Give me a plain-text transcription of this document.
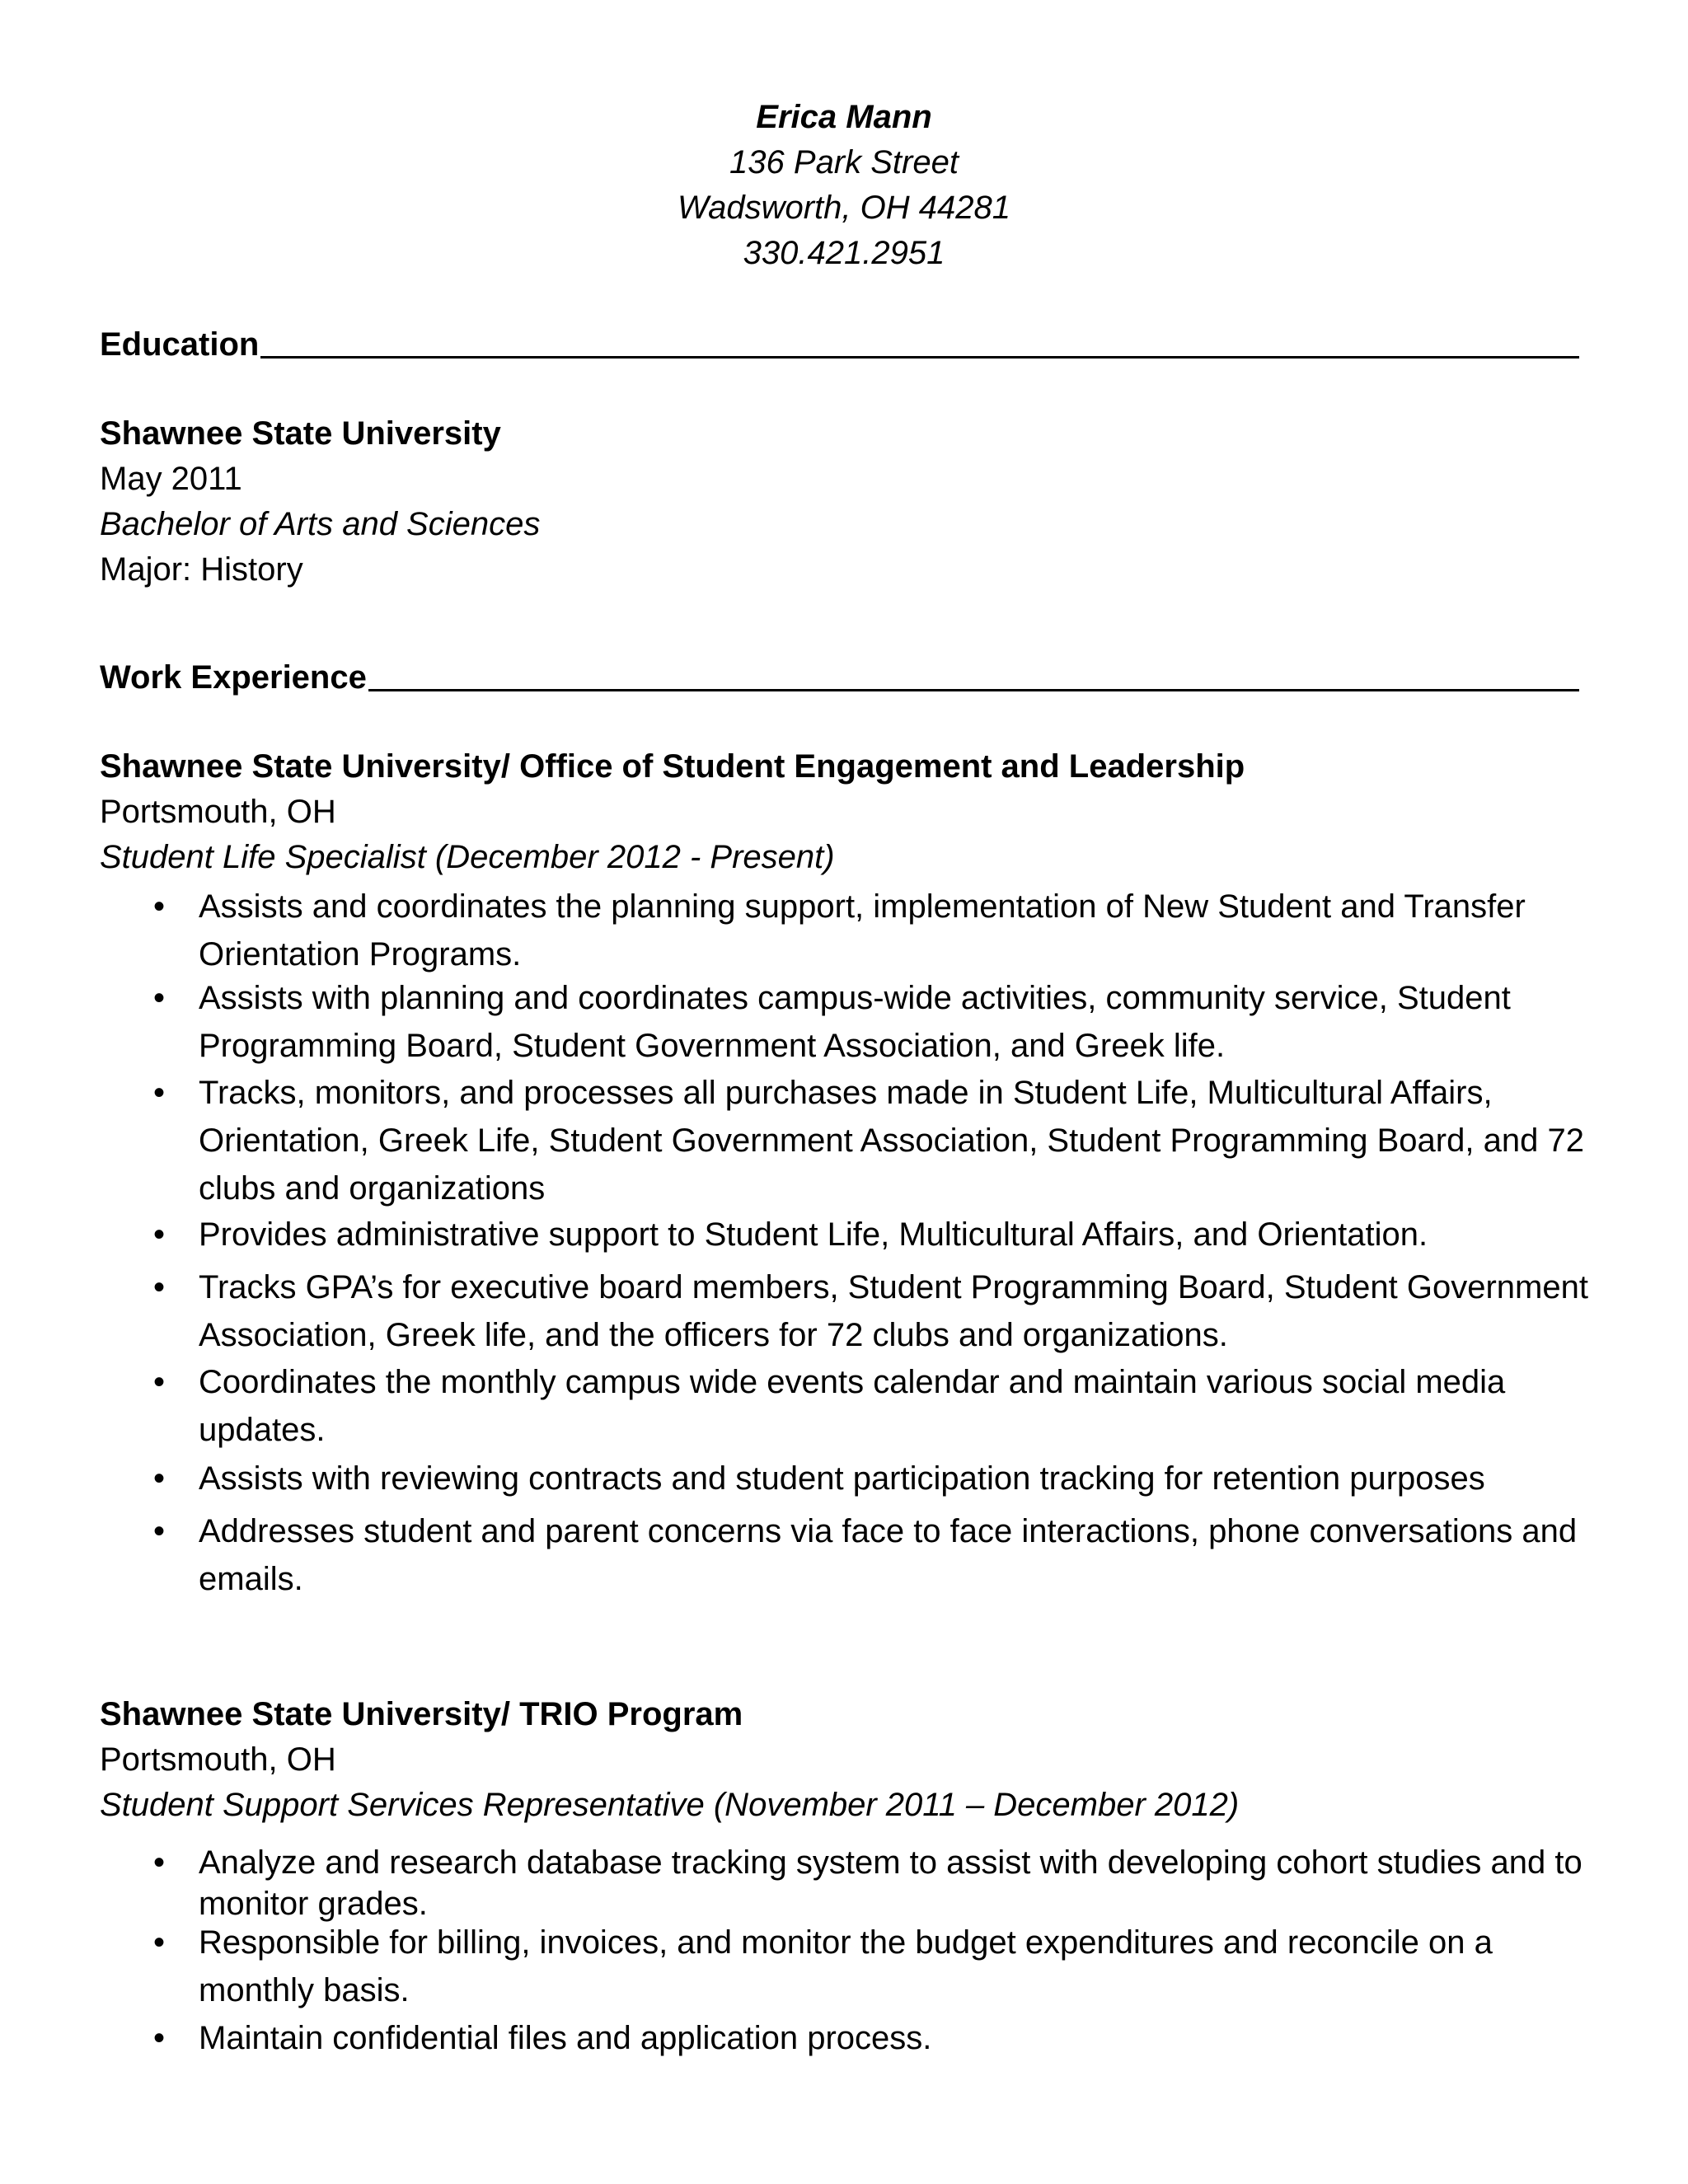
Erica Mann
136 Park Street
Wadsworth, OH 44281
330.421.2951
Education
Shawnee State University
May 2011
Bachelor of Arts and Sciences
Major: History
Work Experience
Shawnee State University/ Office of Student Engagement and Leadership
Portsmouth, OH
Student Life Specialist (December 2012 - Present)
• Assists and coordinates the planning support, implementation of New Student and Transfer Orientation Programs.
• Assists with planning and coordinates campus-wide activities, community service, Student Programming Board, Student Government Association, and Greek life.
• Tracks, monitors, and processes all purchases made in Student Life, Multicultural Affairs, Orientation, Greek Life, Student Government Association, Student Programming Board, and 72 clubs and organizations
• Provides administrative support to Student Life, Multicultural Affairs, and Orientation.
• Tracks GPA’s for executive board members, Student Programming Board, Student Government Association, Greek life, and the officers for 72 clubs and organizations.
• Coordinates the monthly campus wide events calendar and maintain various social media updates.
• Assists with reviewing contracts and student participation tracking for retention purposes
• Addresses student and parent concerns via face to face interactions, phone conversations and emails.
Shawnee State University/ TRIO Program
Portsmouth, OH
Student Support Services Representative (November 2011 – December 2012)
• Analyze and research database tracking system to assist with developing cohort studies and to monitor grades.
• Responsible for billing, invoices, and monitor the budget expenditures and reconcile on a monthly basis.
• Maintain confidential files and application process.
